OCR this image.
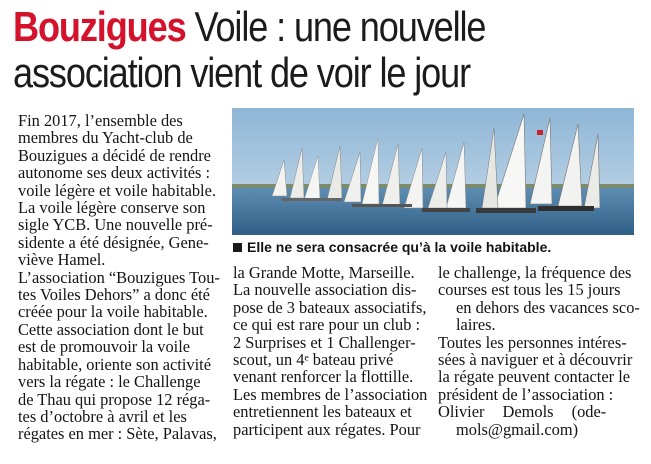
Bouzigues Voile : une nouvelle
association vient de voir le jour

Fin 2017, l’ensemble des

membres du Yacht-club de

Bouzigues a décidé de rendre

autonome ses deux activités :

voile légère et voile habitable.

La voile légère conserve son

sigle YCB. Une nouvelle pré-

sidente a été désignée, Gene-

viève Hamel.

L’association “Bouzigues Tou-

tes Voiles Dehors” a donc été

créée pour la voile habitable.

Cette association dont le but

est de promouvoir la voile

habitable, oriente son activité

vers la régate : le Challenge

de Thau qui propose 12 réga-

tes d’octobre à avril et les

régates en mer : Sète, Palavas,

Elle ne sera consacrée qu’à la voile habitable.

la Grande Motte, Marseille.

La nouvelle association dis-

pose de 3 bateaux associatifs,

ce qui est rare pour un club :

2 Surprises et 1 Challenger-

scout, un 4ᵉ bateau privé

venant renforcer la flottille.

Les membres de l’association

entretiennent les bateaux et

participent aux régates. Pour

le challenge, la fréquence des

courses est tous les 15 jours

en dehors des vacances sco-

laires.

Toutes les personnes intéres-

sées à naviguer et à découvrir

la régate peuvent contacter le

président de l’association :

Olivier Demols (ode-

mols@gmail.com)
